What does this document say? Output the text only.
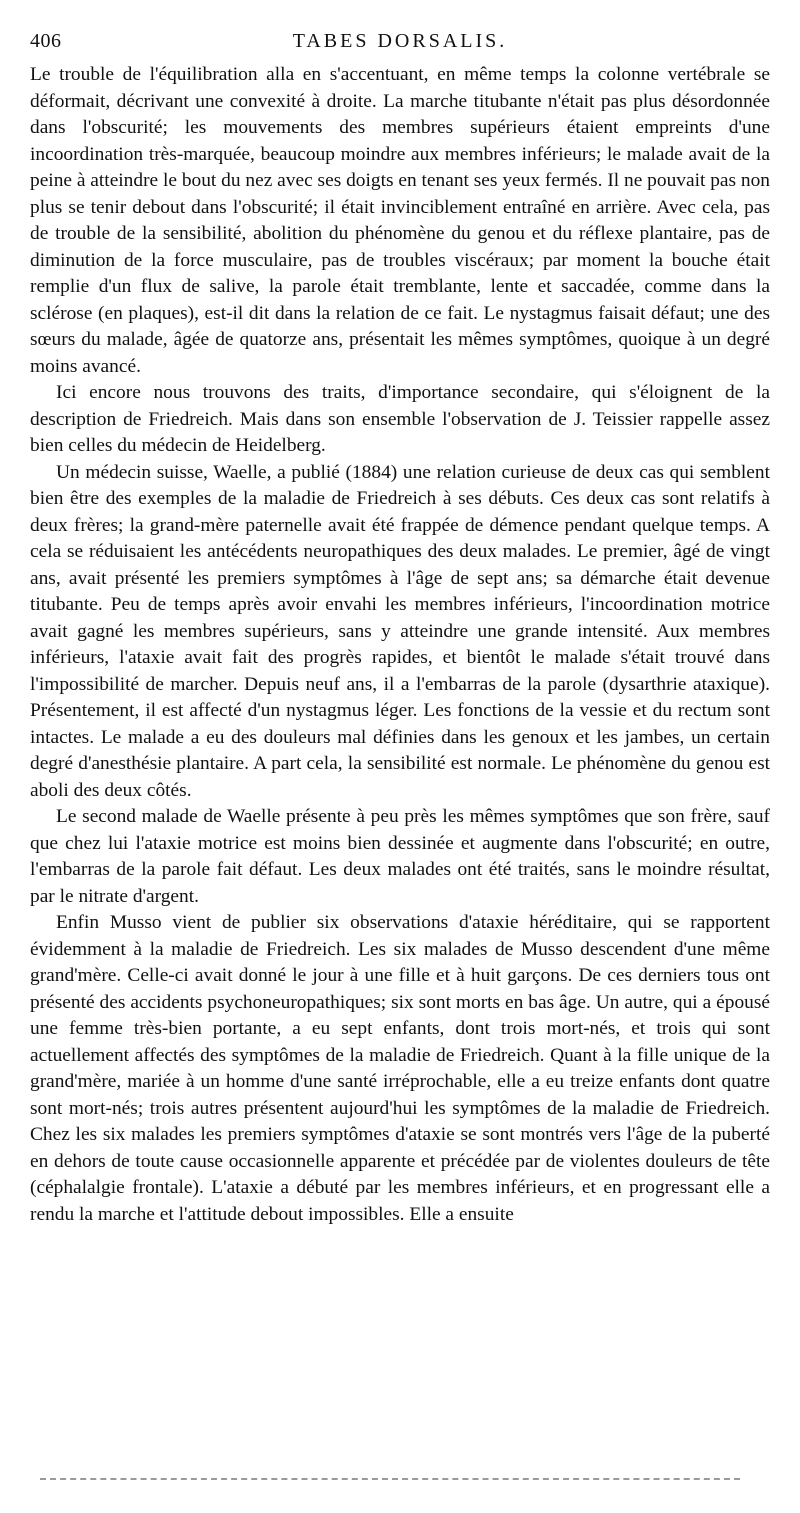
406	TABES DORSALIS.

Le trouble de l'équilibration alla en s'accentuant, en même temps la colonne vertébrale se déformait, décrivant une convexité à droite. La marche titubante n'était pas plus désordonnée dans l'obscurité; les mouvements des membres supérieurs étaient empreints d'une incoordination très-marquée, beaucoup moindre aux membres inférieurs; le malade avait de la peine à atteindre le bout du nez avec ses doigts en tenant ses yeux fermés. Il ne pouvait pas non plus se tenir debout dans l'obscurité; il était invinciblement entraîné en arrière. Avec cela, pas de trouble de la sensibilité, abolition du phénomène du genou et du réflexe plantaire, pas de diminution de la force musculaire, pas de troubles viscéraux; par moment la bouche était remplie d'un flux de salive, la parole était tremblante, lente et saccadée, comme dans la sclérose (en plaques), est-il dit dans la relation de ce fait. Le nystagmus faisait défaut; une des sœurs du malade, âgée de quatorze ans, présentait les mêmes symptômes, quoique à un degré moins avancé.

Ici encore nous trouvons des traits, d'importance secondaire, qui s'éloignent de la description de Friedreich. Mais dans son ensemble l'observation de J. Teissier rappelle assez bien celles du médecin de Heidelberg.

Un médecin suisse, Waelle, a publié (1884) une relation curieuse de deux cas qui semblent bien être des exemples de la maladie de Friedreich à ses débuts. Ces deux cas sont relatifs à deux frères; la grand-mère paternelle avait été frappée de démence pendant quelque temps. A cela se réduisaient les antécédents neuropathiques des deux malades. Le premier, âgé de vingt ans, avait présenté les premiers symptômes à l'âge de sept ans; sa démarche était devenue titubante. Peu de temps après avoir envahi les membres inférieurs, l'incoordination motrice avait gagné les membres supérieurs, sans y atteindre une grande intensité. Aux membres inférieurs, l'ataxie avait fait des progrès rapides, et bientôt le malade s'était trouvé dans l'impossibilité de marcher. Depuis neuf ans, il a l'embarras de la parole (dysarthrie ataxique). Présentement, il est affecté d'un nystagmus léger. Les fonctions de la vessie et du rectum sont intactes. Le malade a eu des douleurs mal définies dans les genoux et les jambes, un certain degré d'anesthésie plantaire. A part cela, la sensibilité est normale. Le phénomène du genou est aboli des deux côtés.

Le second malade de Waelle présente à peu près les mêmes symptômes que son frère, sauf que chez lui l'ataxie motrice est moins bien dessinée et augmente dans l'obscurité; en outre, l'embarras de la parole fait défaut. Les deux malades ont été traités, sans le moindre résultat, par le nitrate d'argent.

Enfin Musso vient de publier six observations d'ataxie héréditaire, qui se rapportent évidemment à la maladie de Friedreich. Les six malades de Musso descendent d'une même grand'mère. Celle-ci avait donné le jour à une fille et à huit garçons. De ces derniers tous ont présenté des accidents psychoneuropathiques; six sont morts en bas âge. Un autre, qui a épousé une femme très-bien portante, a eu sept enfants, dont trois mort-nés, et trois qui sont actuellement affectés des symptômes de la maladie de Friedreich. Quant à la fille unique de la grand'mère, mariée à un homme d'une santé irréprochable, elle a eu treize enfants dont quatre sont mort-nés; trois autres présentent aujourd'hui les symptômes de la maladie de Friedreich. Chez les six malades les premiers symptômes d'ataxie se sont montrés vers l'âge de la puberté en dehors de toute cause occasionnelle apparente et précédée par de violentes douleurs de tête (céphalalgie frontale). L'ataxie a débuté par les membres inférieurs, et en progressant elle a rendu la marche et l'attitude debout impossibles. Elle a ensuite
